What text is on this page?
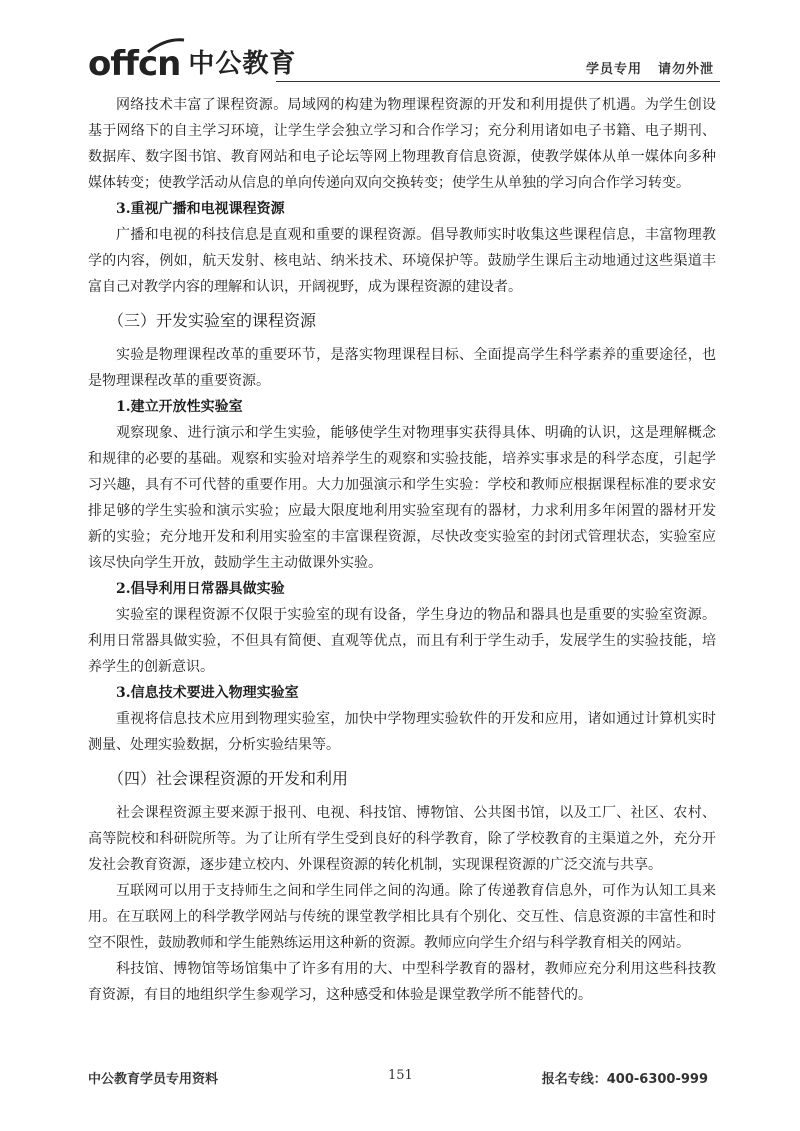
offcn 中公教育	学员专用 请勿外泄

网络技术丰富了课程资源。局域网的构建为物理课程资源的开发和利用提供了机遇。为学生创设基于网络下的自主学习环境，让学生学会独立学习和合作学习；充分利用诸如电子书籍、电子期刊、数据库、数字图书馆、教育网站和电子论坛等网上物理教育信息资源，使教学媒体从单一媒体向多种媒体转变；使教学活动从信息的单向传递向双向交换转变；使学生从单独的学习向合作学习转变。

3.重视广播和电视课程资源

广播和电视的科技信息是直观和重要的课程资源。倡导教师实时收集这些课程信息，丰富物理教学的内容，例如，航天发射、核电站、纳米技术、环境保护等。鼓励学生课后主动地通过这些渠道丰富自己对教学内容的理解和认识，开阔视野，成为课程资源的建设者。

（三）开发实验室的课程资源

实验是物理课程改革的重要环节，是落实物理课程目标、全面提高学生科学素养的重要途径，也是物理课程改革的重要资源。

1.建立开放性实验室

观察现象、进行演示和学生实验，能够使学生对物理事实获得具体、明确的认识，这是理解概念和规律的必要的基础。观察和实验对培养学生的观察和实验技能，培养实事求是的科学态度，引起学习兴趣，具有不可代替的重要作用。大力加强演示和学生实验：学校和教师应根据课程标准的要求安排足够的学生实验和演示实验；应最大限度地利用实验室现有的器材，力求利用多年闲置的器材开发新的实验；充分地开发和利用实验室的丰富课程资源，尽快改变实验室的封闭式管理状态，实验室应该尽快向学生开放，鼓励学生主动做课外实验。

2.倡导利用日常器具做实验

实验室的课程资源不仅限于实验室的现有设备，学生身边的物品和器具也是重要的实验室资源。利用日常器具做实验，不但具有简便、直观等优点，而且有利于学生动手，发展学生的实验技能，培养学生的创新意识。

3.信息技术要进入物理实验室

重视将信息技术应用到物理实验室，加快中学物理实验软件的开发和应用，诸如通过计算机实时测量、处理实验数据，分析实验结果等。

（四）社会课程资源的开发和利用

社会课程资源主要来源于报刊、电视、科技馆、博物馆、公共图书馆，以及工厂、社区、农村、高等院校和科研院所等。为了让所有学生受到良好的科学教育，除了学校教育的主渠道之外，充分开发社会教育资源，逐步建立校内、外课程资源的转化机制，实现课程资源的广泛交流与共享。

互联网可以用于支持师生之间和学生同伴之间的沟通。除了传递教育信息外，可作为认知工具来用。在互联网上的科学教学网站与传统的课堂教学相比具有个别化、交互性、信息资源的丰富性和时空不限性，鼓励教师和学生能熟练运用这种新的资源。教师应向学生介绍与科学教育相关的网站。

科技馆、博物馆等场馆集中了许多有用的大、中型科学教育的器材，教师应充分利用这些科技教育资源，有目的地组织学生参观学习，这种感受和体验是课堂教学所不能替代的。

中公教育学员专用资料	151	报名专线：400-6300-999
